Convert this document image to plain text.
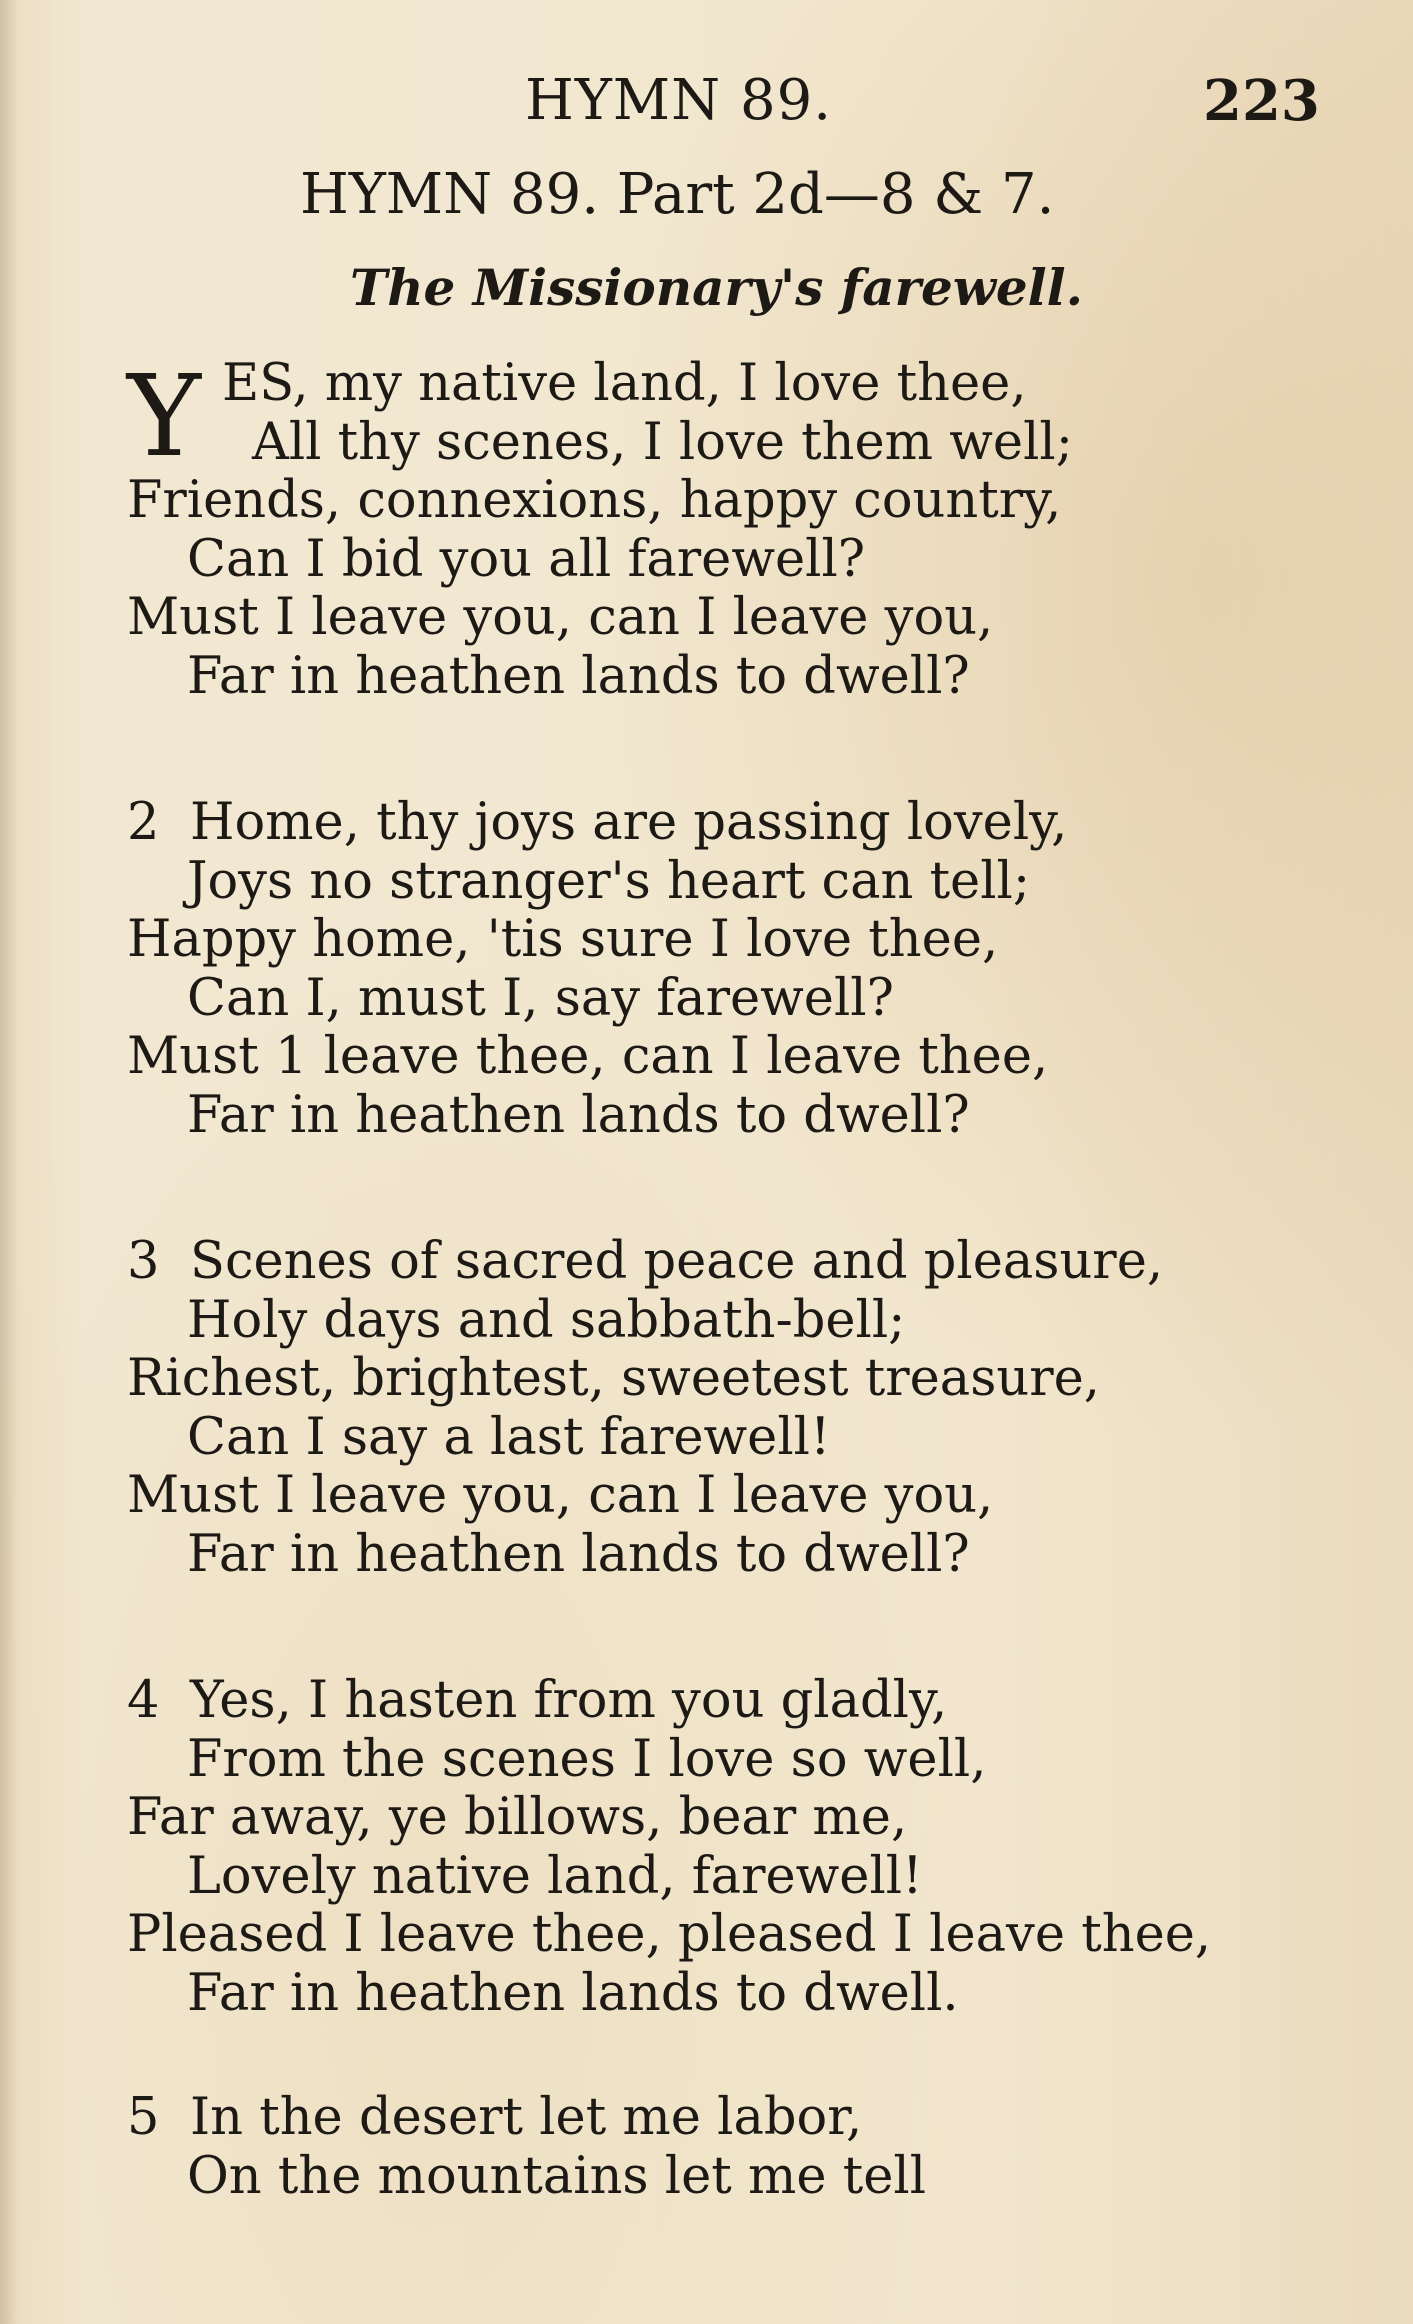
HYMN 89.	223
HYMN 89. Part 2d—8 & 7.
The Missionary's farewell.
Y ES, my native land, I love thee,
All thy scenes, I love them well;
Friends, connexions, happy country,
Can I bid you all farewell?
Must I leave you, can I leave you,
Far in heathen lands to dwell?
2 Home, thy joys are passing lovely,
Joys no stranger's heart can tell;
Happy home, 'tis sure I love thee,
Can I, must I, say farewell?
Must 1 leave thee, can I leave thee,
Far in heathen lands to dwell?
3 Scenes of sacred peace and pleasure,
Holy days and sabbath-bell;
Richest, brightest, sweetest treasure,
Can I say a last farewell!
Must I leave you, can I leave you,
Far in heathen lands to dwell?
4 Yes, I hasten from you gladly,
From the scenes I love so well,
Far away, ye billows, bear me,
Lovely native land, farewell!
Pleased I leave thee, pleased I leave thee,
Far in heathen lands to dwell.
5 In the desert let me labor,
On the mountains let me tell
